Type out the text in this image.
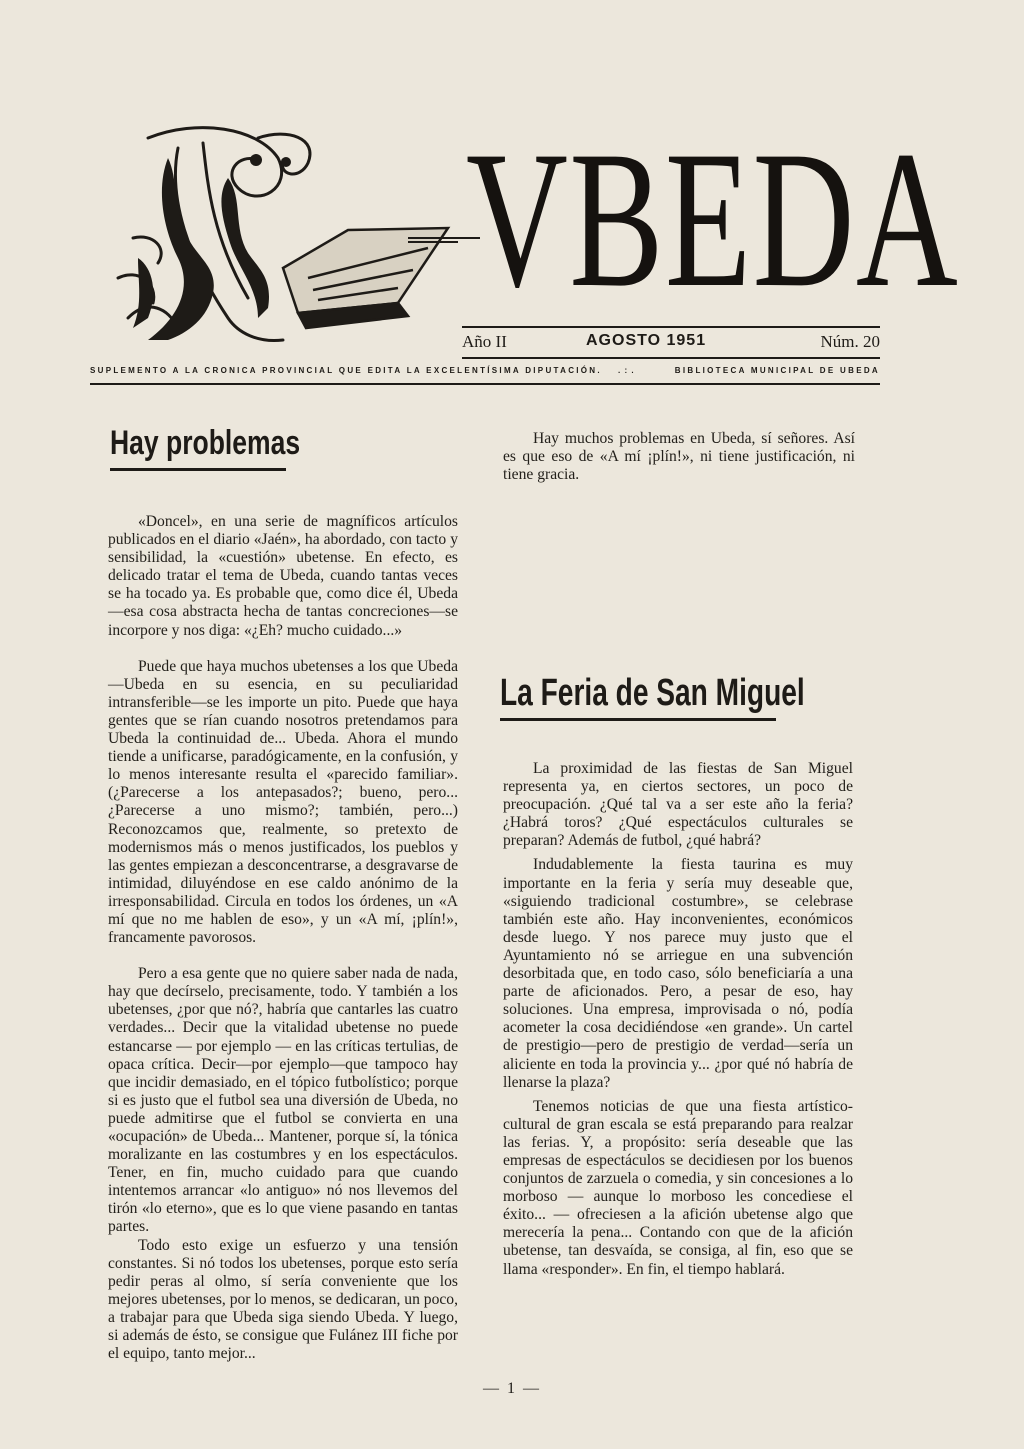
VBEDA
Año II	AGOSTO 1951	Núm. 20
SUPLEMENTO A LA CRONICA PROVINCIAL QUE EDITA LA EXCELENTÍSIMA DIPUTACIÓN. . : .	BIBLIOTECA MUNICIPAL DE UBEDA
Hay problemas

«Doncel», en una serie de magníficos artículos publicados en el diario «Jaén», ha abordado, con tacto y sensibilidad, la «cuestión» ubetense. En efecto, es delicado tratar el tema de Ubeda, cuando tantas veces se ha tocado ya. Es probable que, como dice él, Ubeda —esa cosa abstracta hecha de tantas concreciones—se incorpore y nos diga: «¿Eh? mucho cuidado...»

Puede que haya muchos ubetenses a los que Ubeda—Ubeda en su esencia, en su peculiaridad intransferible—se les importe un pito. Puede que haya gentes que se rían cuando nosotros pretendamos para Ubeda la continuidad de... Ubeda. Ahora el mundo tiende a unificarse, paradógicamente, en la confusión, y lo menos interesante resulta el «parecido familiar». (¿Parecerse a los antepasados?; bueno, pero... ¿Parecerse a uno mismo?; también, pero...) Reconozcamos que, realmente, so pretexto de modernismos más o menos justificados, los pueblos y las gentes empiezan a desconcentrarse, a desgravarse de intimidad, diluyéndose en ese caldo anónimo de la irresponsabilidad. Circula en todos los órdenes, un «A mí que no me hablen de eso», y un «A mí, ¡plín!», francamente pavorosos.

Pero a esa gente que no quiere saber nada de nada, hay que decírselo, precisamente, todo. Y también a los ubetenses, ¿por que nó?, habría que cantarles las cuatro verdades... Decir que la vitalidad ubetense no puede estancarse — por ejemplo — en las críticas tertulias, de opaca crítica. Decir—por ejemplo—que tampoco hay que incidir demasiado, en el tópico futbolístico; porque si es justo que el futbol sea una diversión de Ubeda, no puede admitirse que el futbol se convierta en una «ocupación» de Ubeda... Mantener, porque sí, la tónica moralizante en las costumbres y en los espectáculos. Tener, en fin, mucho cuidado para que cuando intentemos arrancar «lo antiguo» nó nos llevemos del tirón «lo eterno», que es lo que viene pasando en tantas partes.

Todo esto exige un esfuerzo y una tensión constantes. Si nó todos los ubetenses, porque esto sería pedir peras al olmo, sí sería conveniente que los mejores ubetenses, por lo menos, se dedicaran, un poco, a trabajar para que Ubeda siga siendo Ubeda. Y luego, si además de ésto, se consigue que Fulánez III fiche por el equipo, tanto mejor...

Hay muchos problemas en Ubeda, sí señores. Así es que eso de «A mí ¡plín!», ni tiene justificación, ni tiene gracia.

La Feria de San Miguel

La proximidad de las fiestas de San Miguel representa ya, en ciertos sectores, un poco de preocupación. ¿Qué tal va a ser este año la feria? ¿Habrá toros? ¿Qué espectáculos culturales se preparan? Además de futbol, ¿qué habrá?

Indudablemente la fiesta taurina es muy importante en la feria y sería muy deseable que, «siguiendo tradicional costumbre», se celebrase también este año. Hay inconvenientes, económicos desde luego. Y nos parece muy justo que el Ayuntamiento nó se arriegue en una subvención desorbitada que, en todo caso, sólo beneficiaría a una parte de aficionados. Pero, a pesar de eso, hay soluciones. Una empresa, improvisada o nó, podía acometer la cosa decidiéndose «en grande». Un cartel de prestigio—pero de prestigio de verdad—sería un aliciente en toda la provincia y... ¿por qué nó habría de llenarse la plaza?

Tenemos noticias de que una fiesta artístico-cultural de gran escala se está preparando para realzar las ferias. Y, a propósito: sería deseable que las empresas de espectáculos se decidiesen por los buenos conjuntos de zarzuela o comedia, y sin concesiones a lo morboso — aunque lo morboso les concediese el éxito... — ofreciesen a la afición ubetense algo que merecería la pena... Contando con que de la afición ubetense, tan desvaída, se consiga, al fin, eso que se llama «responder». En fin, el tiempo hablará.

— 1 —
